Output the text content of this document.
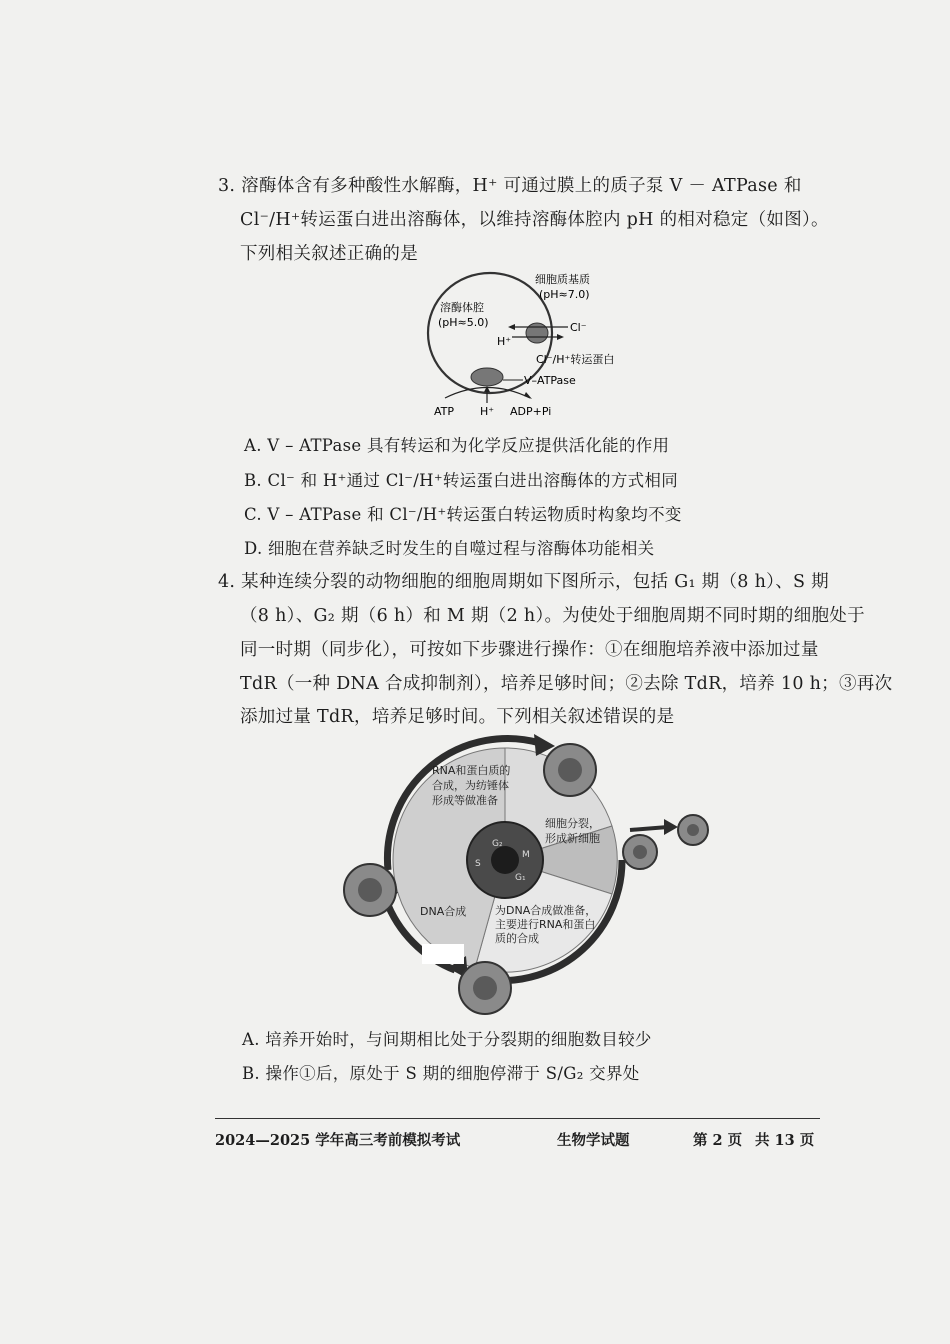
3. 溶酶体含有多种酸性水解酶，H⁺ 可通过膜上的质子泵 V － ATPase 和
Cl⁻/H⁺转运蛋白进出溶酶体，以维持溶酶体腔内 pH 的相对稳定（如图）。
下列相关叙述正确的是
细胞质基质
(pH≈7.0)
溶酶体腔
(pH≈5.0)	Cl⁻
H⁺
Cl⁻/H⁺转运蛋白
V–ATPase
ATP H⁺ ADP+Pi
A. V – ATPase 具有转运和为化学反应提供活化能的作用
B. Cl⁻ 和 H⁺通过 Cl⁻/H⁺转运蛋白进出溶酶体的方式相同
C. V – ATPase 和 Cl⁻/H⁺转运蛋白转运物质时构象均不变
D. 细胞在营养缺乏时发生的自噬过程与溶酶体功能相关
4. 某种连续分裂的动物细胞的细胞周期如下图所示，包括 G₁ 期（8 h）、S 期
（8 h）、G₂ 期（6 h）和 M 期（2 h）。为使处于细胞周期不同时期的细胞处于
同一时期（同步化），可按如下步骤进行操作：①在细胞培养液中添加过量
TdR（一种 DNA 合成抑制剂），培养足够时间；②去除 TdR，培养 10 h；③再次
添加过量 TdR，培养足够时间。下列相关叙述错误的是
G₂
M
S
G₁
RNA和蛋白质的 合成，为纺锤体 形成等做准备
细胞分裂， 形成新细胞
DNA合成	为DNA合成做准备， 主要进行RNA和蛋白 质的合成
A. 培养开始时，与间期相比处于分裂期的细胞数目较少
B. 操作①后，原处于 S 期的细胞停滞于 S/G₂ 交界处
2024—2025 学年高三考前模拟考试	生物学试题	第 2 页 共 13 页
